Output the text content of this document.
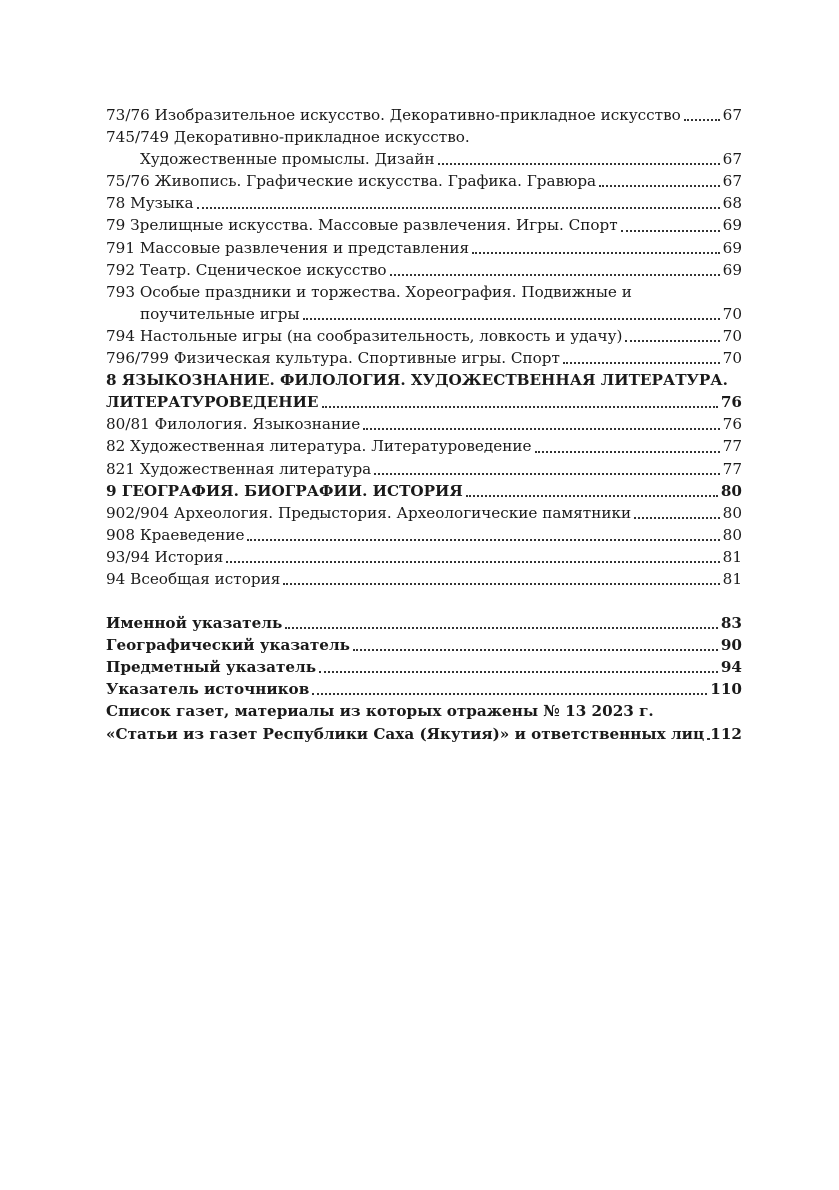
73/76 Изобразительное искусство. Декоративно-прикладное искусство	67
745/749 Декоративно-прикладное искусство.
Художественные промыслы. Дизайн	67
75/76 Живопись. Графические искусства. Графика. Гравюра	67
78 Музыка	68
79 Зрелищные искусства. Массовые развлечения. Игры. Спорт	69
791 Массовые развлечения и представления	69
792 Театр. Сценическое искусство	69
793 Особые праздники и торжества. Хореография. Подвижные и
поучительные игры	70
794 Настольные игры (на сообразительность, ловкость и удачу)	70
796/799 Физическая культура. Спортивные игры. Спорт	70
8 ЯЗЫКОЗНАНИЕ. ФИЛОЛОГИЯ. ХУДОЖЕСТВЕННАЯ ЛИТЕРАТУРА.
ЛИТЕРАТУРОВЕДЕНИЕ	76
80/81 Филология. Языкознание	76
82 Художественная литература. Литературоведение	77
821 Художественная литература	77
9 ГЕОГРАФИЯ. БИОГРАФИИ. ИСТОРИЯ	80
902/904 Археология. Предыстория. Археологические памятники	80
908 Краеведение	80
93/94 История	81
94 Всеобщая история	81
Именной указатель	83
Географический указатель	90
Предметный указатель	94
Указатель источников	110
Список газет, материалы из которых отражены № 13 2023 г.
«Статьи из газет Республики Саха (Якутия)» и ответственных лиц 112
